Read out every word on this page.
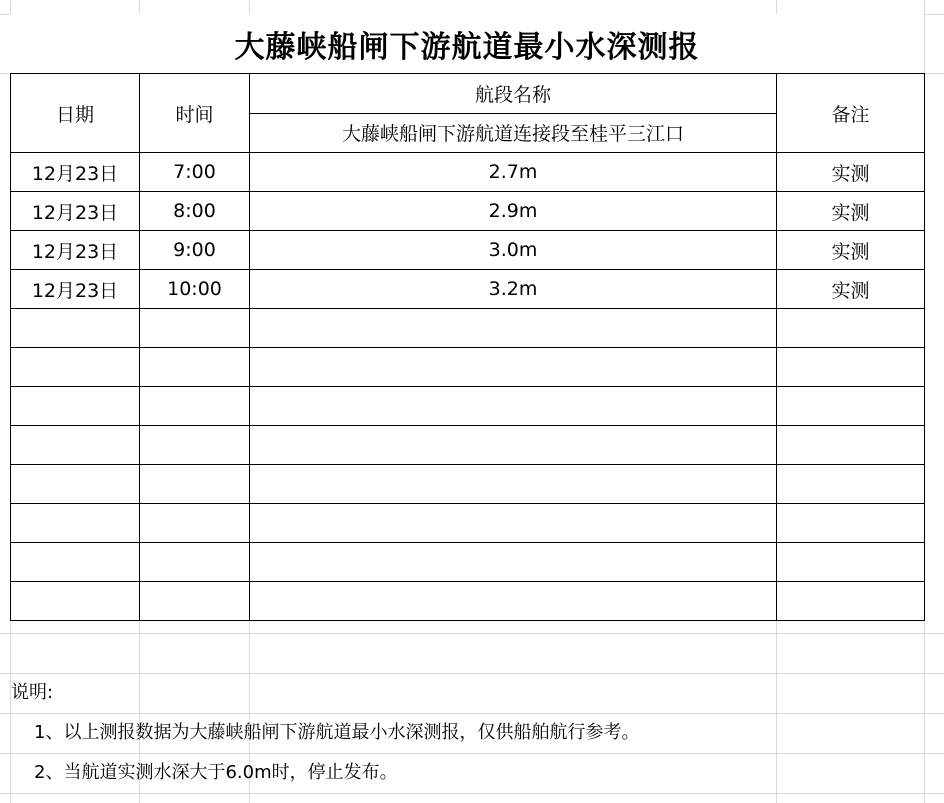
大藤峡船闸下游航道最小水深测报
日期	时间	航段名称	备注
		大藤峡船闸下游航道连接段至桂平三江口	
12月23日	7:00	2.7m	实测
12月23日	8:00	2.9m	实测
12月23日	9:00	3.0m	实测
12月23日	10:00	3.2m	实测

说明:
1、以上测报数据为大藤峡船闸下游航道最小水深测报，仅供船舶航行参考。
2、当航道实测水深大于6.0m时，停止发布。
